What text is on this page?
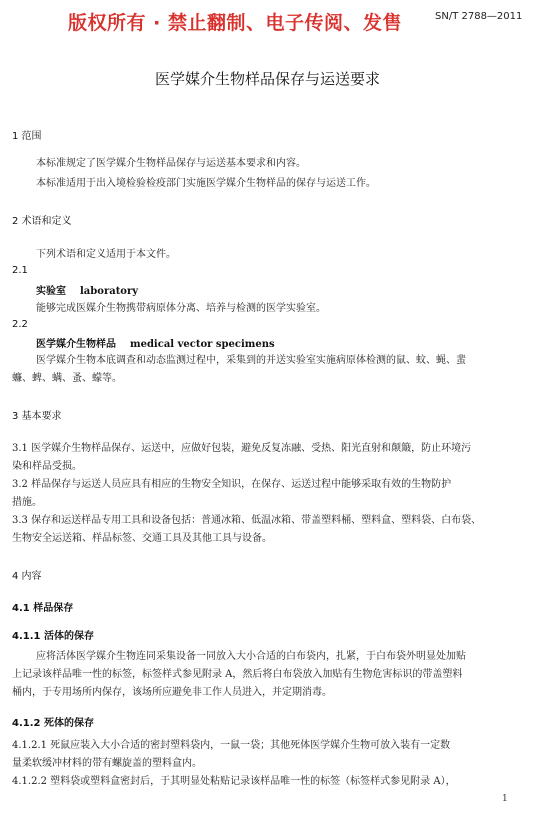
版权所有 · 禁止翻制、电子传阅、发售	SN/T 2788—2011
医学媒介生物样品保存与运送要求
1 范围
本标准规定了医学媒介生物样品保存与运送基本要求和内容。
本标准适用于出入境检验检疫部门实施医学媒介生物样品的保存与运送工作。
2 术语和定义
下列术语和定义适用于本文件。
2.1
实验室 laboratory
能够完成医媒介生物携带病原体分离、培养与检测的医学实验室。
2.2
医学媒介生物样品 medical vector specimens
医学媒介生物本底调查和动态监测过程中，采集到的并送实验室实施病原体检测的鼠、蚊、蝇、蜚
蠊、蜱、螨、蚤、蠓等。
3 基本要求
3.1 医学媒介生物样品保存、运送中，应做好包装，避免反复冻融、受热、阳光直射和颠簸，防止环境污
染和样品受损。
3.2 样品保存与运送人员应具有相应的生物安全知识，在保存、运送过程中能够采取有效的生物防护
措施。
3.3 保存和运送样品专用工具和设备包括：普通冰箱、低温冰箱、带盖塑料桶、塑料盒、塑料袋、白布袋、
生物安全运送箱、样品标签、交通工具及其他工具与设备。
4 内容
4.1 样品保存
4.1.1 活体的保存
应将活体医学媒介生物连同采集设备一同放入大小合适的白布袋内，扎紧，于白布袋外明显处加贴
上记录该样品唯一性的标签，标签样式参见附录 A，然后将白布袋放入加贴有生物危害标识的带盖塑料
桶内，于专用场所内保存，该场所应避免非工作人员进入，并定期消毒。
4.1.2 死体的保存
4.1.2.1 死鼠应装入大小合适的密封塑料袋内，一鼠一袋；其他死体医学媒介生物可放入装有一定数
量柔软缓冲材料的带有螺旋盖的塑料盒内。
4.1.2.2 塑料袋或塑料盒密封后，于其明显处粘贴记录该样品唯一性的标签（标签样式参见附录 A），
1
